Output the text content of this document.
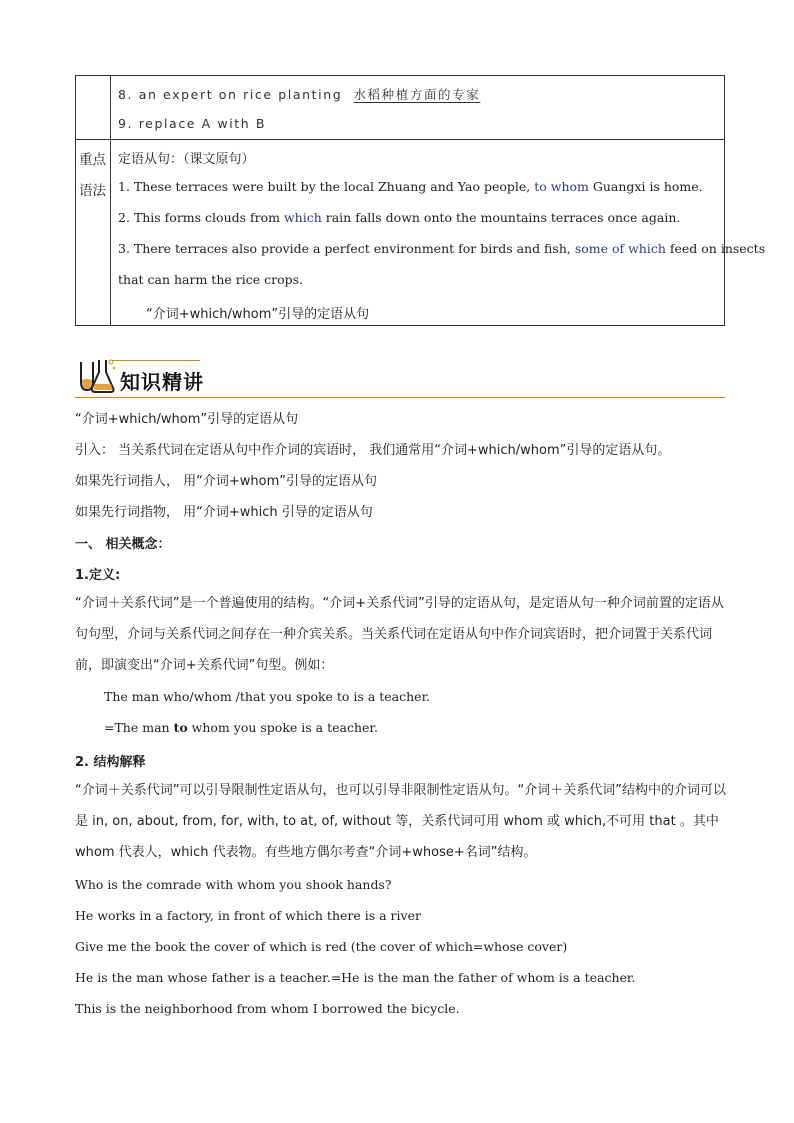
8. an expert on rice planting 水稻种植方面的专家
9. replace A with B
重点
语法
定语从句：（课文原句）
1. These terraces were built by the local Zhuang and Yao people, to whom Guangxi is home.
2. This forms clouds from which rain falls down onto the mountains terraces once again.
3. There terraces also provide a perfect environment for birds and fish, some of which feed on insects
that can harm the rice crops.
“介词+which/whom”引导的定语从句
知识精讲
“介词+which/whom”引导的定语从句
引入： 当关系代词在定语从句中作介词的宾语时， 我们通常用“介词+which/whom”引导的定语从句。
如果先行词指人， 用“介词+whom”引导的定语从句
如果先行词指物， 用“介词+which 引导的定语从句
一、 相关概念：
1.定义:
“介词＋关系代词”是一个普遍使用的结构。“介词+关系代词”引导的定语从句，是定语从句一种介词前置的定语从句句型，介词与关系代词之间存在一种介宾关系。当关系代词在定语从句中作介词宾语时，把介词置于关系代词前，即演变出“介词+关系代词”句型。例如：
The man who/whom /that you spoke to is a teacher.
=The man to whom you spoke is a teacher.
2. 结构解释
“介词＋关系代词”可以引导限制性定语从句，也可以引导非限制性定语从句。“介词＋关系代词”结构中的介词可以是 in, on, about, from, for, with, to at, of, without 等，关系代词可用 whom 或 which,不可用 that 。其中 whom 代表人，which 代表物。有些地方偶尔考查“介词+whose+名词”结构。
Who is the comrade with whom you shook hands?
He works in a factory, in front of which there is a river
Give me the book the cover of which is red (the cover of which=whose cover)
He is the man whose father is a teacher.=He is the man the father of whom is a teacher.
This is the neighborhood from whom I borrowed the bicycle.
